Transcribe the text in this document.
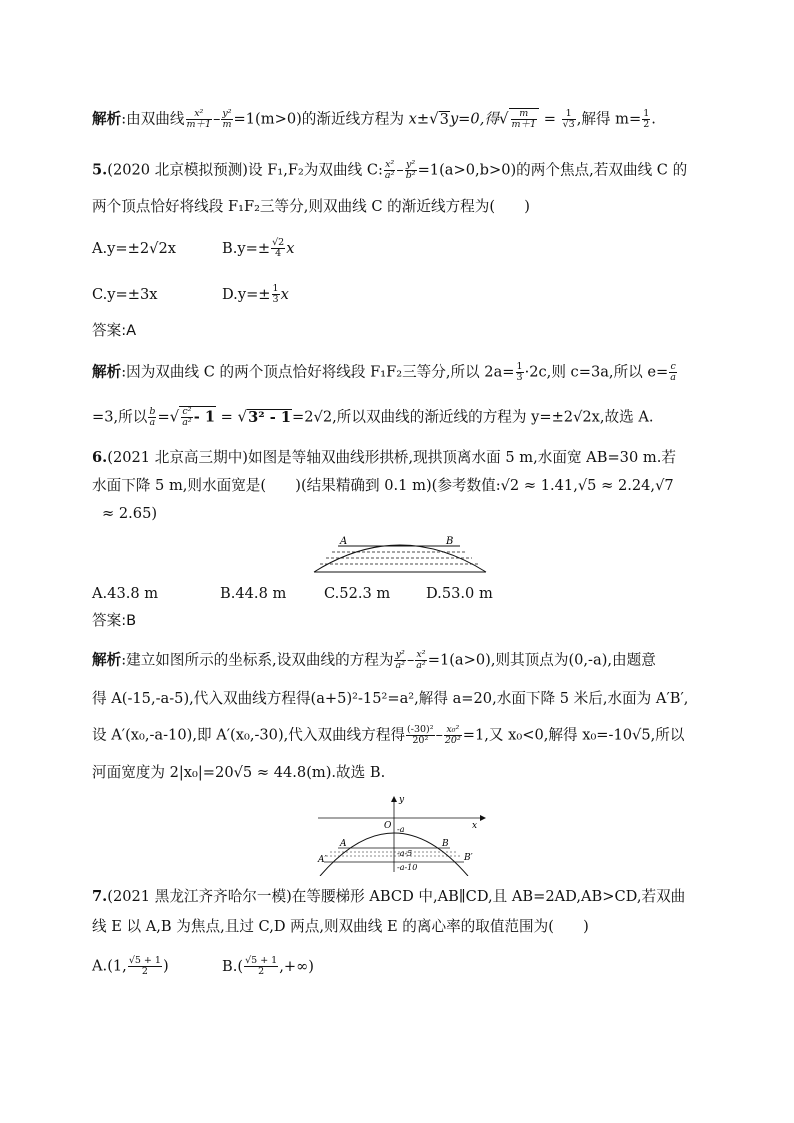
解析:由双曲线 $\frac{\text{x²}}{m+1} - \frac{\text{y²}}{m} =1(m>0)$的渐近线方程为 x±√3y=0,得√ $\frac{m}{m+1} = \frac{1}{√3}$ ,解得 $m= \frac{1}{2}$ .
5.(2020 北京模拟预测)设 F₁,F₂为双曲线 C: $\frac{\text{x²}}{\text{a²}} - \frac{\text{y²}}{\text{b²}} =1(a>0,b>0)$的两个焦点,若双曲线 C 的
两个顶点恰好将线段 F₁F₂三等分,则双曲线 C 的渐近线方程为(　　)
A.y=±2√2x	$B.y=\pm \frac{√2}{4}$ x
C.y=±3x	$D.y=\pm \frac{1}{3}$ x
答案:A
解析:因为双曲线 C 的两个顶点恰好将线段 F₁F₂三等分,所以 $2a= \frac{1}{3} \cdot 2c$,则 c=3a,所以 $e= \frac{c}{a}$
=3,所以 $\frac{b}{a}$ =√ $\frac{\text{c²}}{\text{a²}} - 1 = √3^2 - 1=2√2$,所以双曲线的渐近线的方程为 y=±2√2x,故选 A.
6.(2021 北京高三期中)如图是等轴双曲线形拱桥,现拱顶离水面 5 m,水面宽 AB=30 m.若
水面下降 5 m,则水面宽是(　　)(结果精确到 0.1 m)(参考数值:√2 ≈ 1.41,√5 ≈ 2.24,√7
≈ 2.65)
A	B
A.43.8 m	B.44.8 m	C.52.3 m D.53.0 m
答案:B
解析:建立如图所示的坐标系,设双曲线的方程为 $\frac{\text{y²}}{\text{a²}} - \frac{\text{x²}}{\text{a²}} =1(a>0)$,则其顶点为(0,-a),由题意
得 A(-15,-a-5),代入双曲线方程得(a+5)²-15²=a²,解得 a=20,水面下降 5 米后,水面为 A′B′,
设 A′(x₀,-a-10),即 A′(x₀,-30),代入双曲线方程得 $\frac{\text{(-30)²}}{\text{20²}} - \frac{\text{x₀²}}{\text{20²}} =1$,又 x₀<0,解得 x₀=-10√5,所以
河面宽度为 2|x₀|=20√5 ≈ 44.8(m).故选 B.
y
x
O -a
-a-5
-a-10
A	B
A′	B′
7.(2021 黑龙江齐齐哈尔一模)在等腰梯形 ABCD 中,AB∥CD,且 AB=2AD,AB>CD,若双曲
线 E 以 A,B 为焦点,且过 C,D 两点,则双曲线 E 的离心率的取值范围为(　　)
A.(1, $\frac{√5 + 1}{2}$ )	$B.( \frac{√5 + 1}{2}$ ,+∞)
